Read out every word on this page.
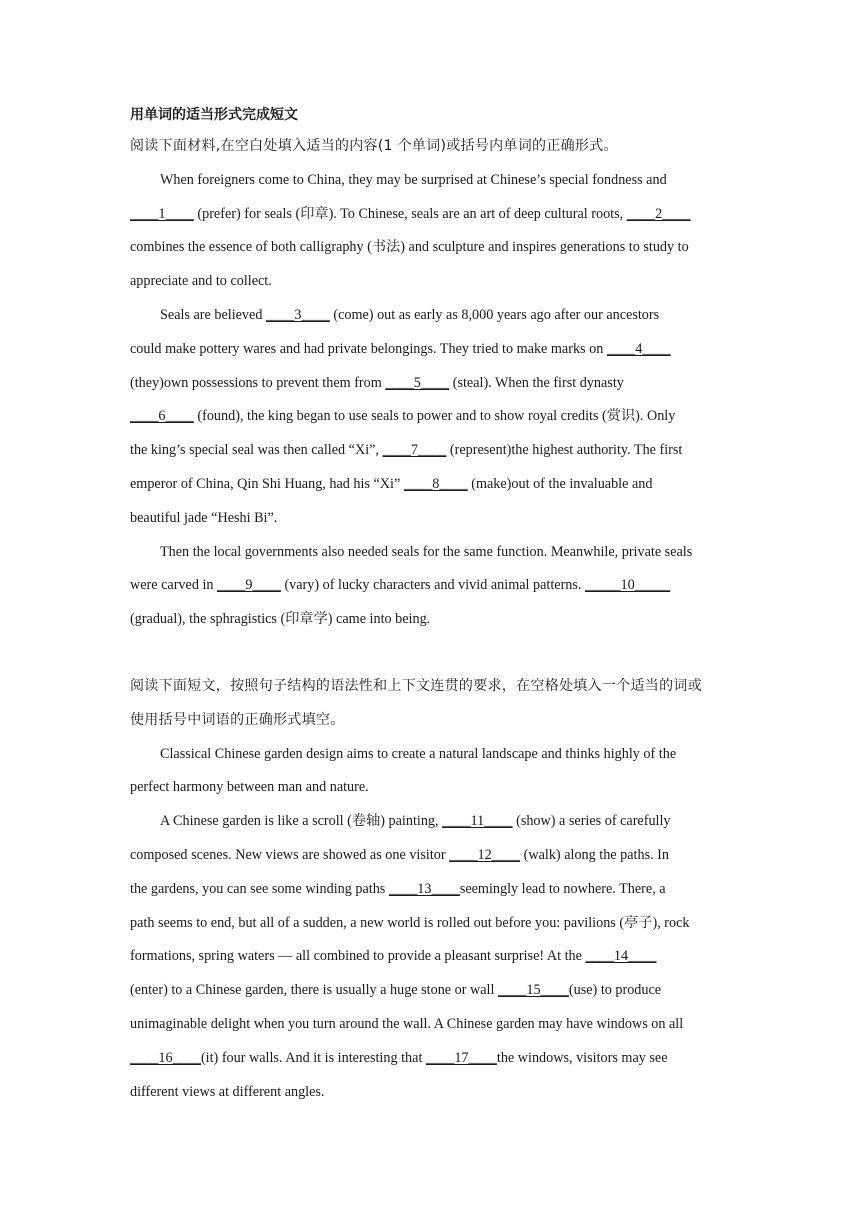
用单词的适当形式完成短文
阅读下面材料,在空白处填入适当的内容(1 个单词)或括号内单词的正确形式。
When foreigners come to China, they may be surprised at Chinese’s special fondness and
____1____ (prefer) for seals (印章). To Chinese, seals are an art of deep cultural roots, ____2____
combines the essence of both calligraphy (书法) and sculpture and inspires generations to study to
appreciate and to collect.
Seals are believed ____3____ (come) out as early as 8,000 years ago after our ancestors
could make pottery wares and had private belongings. They tried to make marks on ____4____
(they)own possessions to prevent them from ____5____ (steal). When the first dynasty
____6____ (found), the king began to use seals to power and to show royal credits (赏识). Only
the king’s special seal was then called “Xi”, ____7____ (represent)the highest authority. The first
emperor of China, Qin Shi Huang, had his “Xi” ____8____ (make)out of the invaluable and
beautiful jade “Heshi Bi”.
Then the local governments also needed seals for the same function. Meanwhile, private seals
were carved in ____9____ (vary) of lucky characters and vivid animal patterns. _____10_____
(gradual), the sphragistics (印章学) came into being.
阅读下面短文，按照句子结构的语法性和上下文连贯的要求，在空格处填入一个适当的词或
使用括号中词语的正确形式填空。
Classical Chinese garden design aims to create a natural landscape and thinks highly of the
perfect harmony between man and nature.
A Chinese garden is like a scroll (卷轴) painting, ____11____ (show) a series of carefully
composed scenes. New views are showed as one visitor ____12____ (walk) along the paths. In
the gardens, you can see some winding paths ____13____seemingly lead to nowhere. There, a
path seems to end, but all of a sudden, a new world is rolled out before you: pavilions (亭子), rock
formations, spring waters — all combined to provide a pleasant surprise! At the ____14____
(enter) to a Chinese garden, there is usually a huge stone or wall ____15____(use) to produce
unimaginable delight when you turn around the wall. A Chinese garden may have windows on all
____16____(it) four walls. And it is interesting that ____17____the windows, visitors may see
different views at different angles.
